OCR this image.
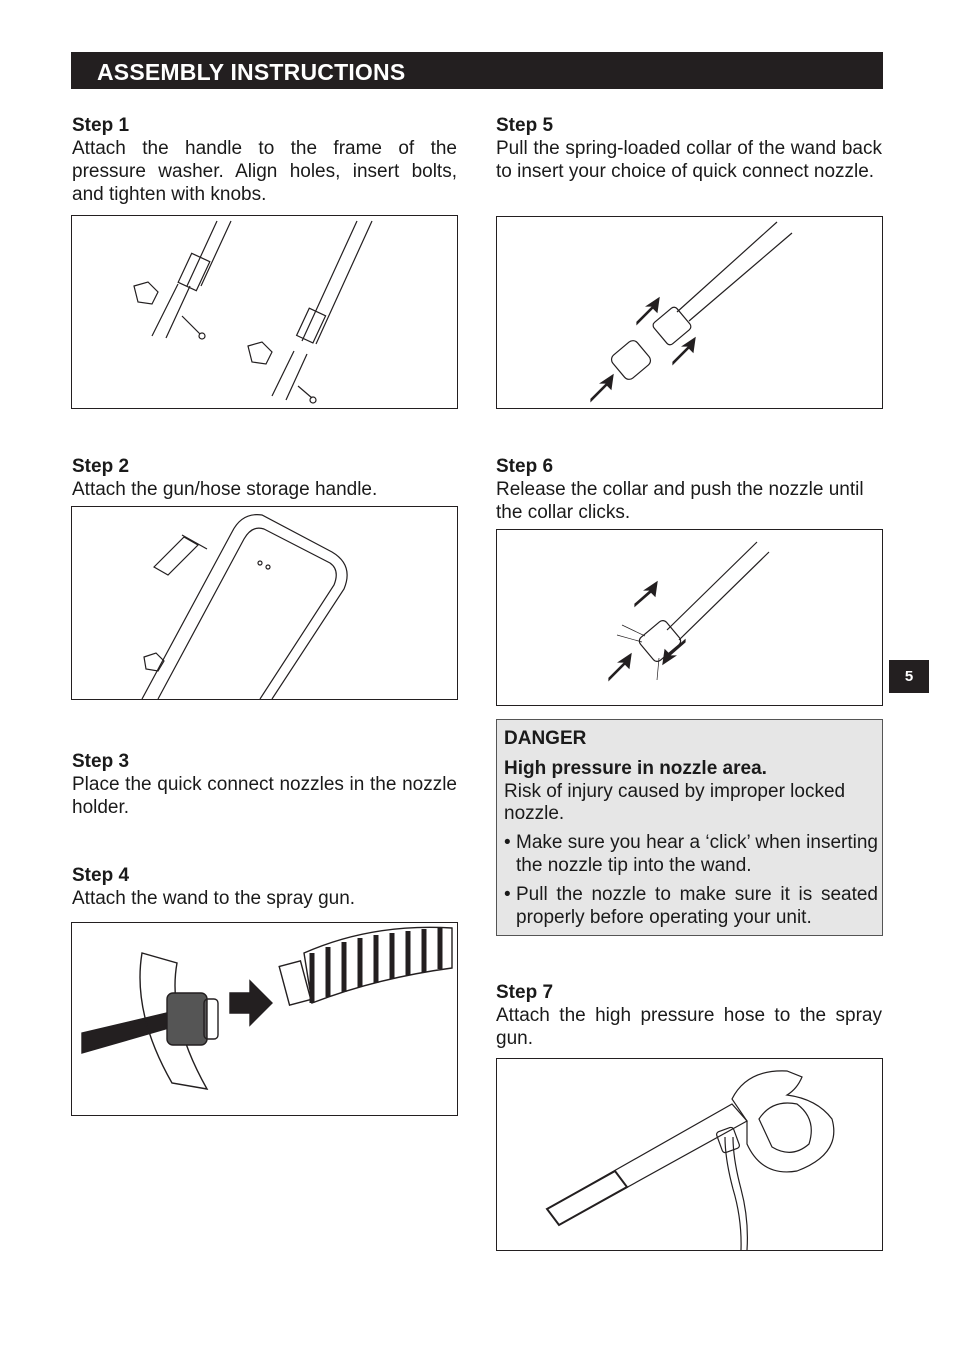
ASSEMBLY INSTRUCTIONS
Step 1
Attach the handle to the frame of the pressure washer. Align holes, insert bolts, and tighten with knobs.
Step 2
Attach the gun/hose storage handle.
Step 3
Place the quick connect nozzles in the nozzle holder.
Step 4
Attach the wand to the spray gun.
Step 5
Pull the spring-loaded collar of the wand back to insert your choice of quick connect nozzle.
Step 6
Release the collar and push the nozzle until the collar clicks.
5
DANGER
High pressure in nozzle area.
Risk of injury caused by improper locked nozzle.
• Make sure you hear a ‘click’ when inserting the nozzle tip into the wand.
• Pull the nozzle to make sure it is seated properly before operating your unit.
Step 7
Attach the high pressure hose to the spray gun.
